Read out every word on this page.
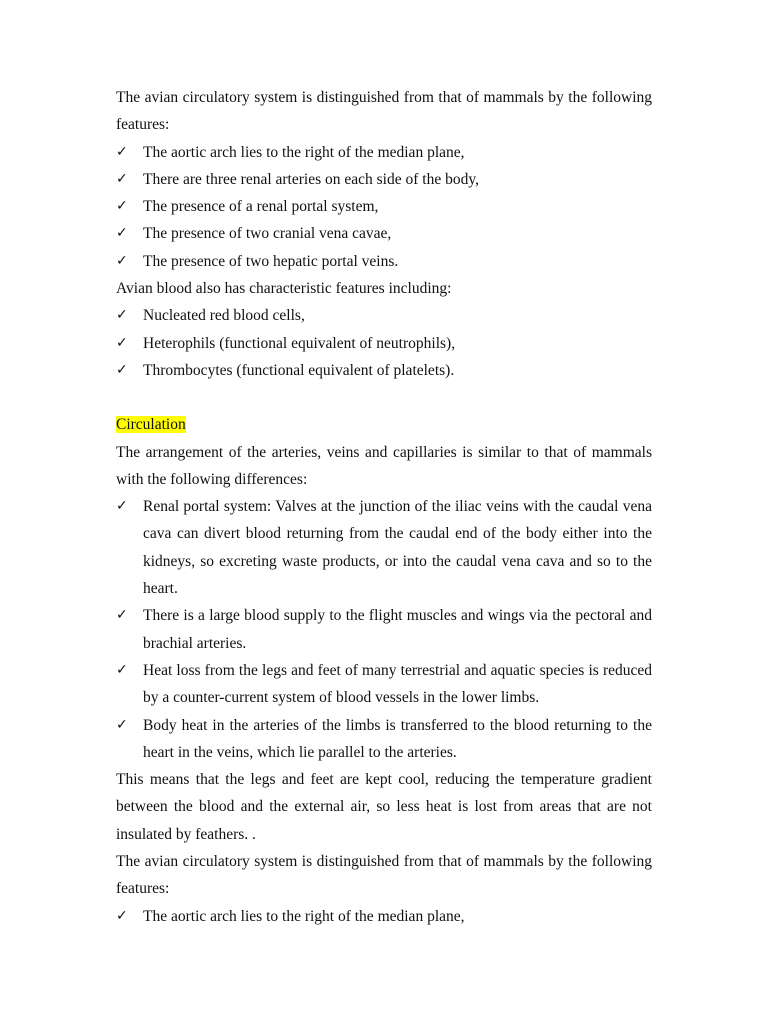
The avian circulatory system is distinguished from that of mammals by the following features:

✓ The aortic arch lies to the right of the median plane,
✓ There are three renal arteries on each side of the body,
✓ The presence of a renal portal system,
✓ The presence of two cranial vena cavae,
✓ The presence of two hepatic portal veins.

Avian blood also has characteristic features including:

✓ Nucleated red blood cells,
✓ Heterophils (functional equivalent of neutrophils),
✓ Thrombocytes (functional equivalent of platelets).

Circulation

The arrangement of the arteries, veins and capillaries is similar to that of mammals with the following differences:

✓ Renal portal system: Valves at the junction of the iliac veins with the caudal vena cava can divert blood returning from the caudal end of the body either into the kidneys, so excreting waste products, or into the caudal vena cava and so to the heart.
✓ There is a large blood supply to the flight muscles and wings via the pectoral and brachial arteries.
✓ Heat loss from the legs and feet of many terrestrial and aquatic species is reduced by a counter-current system of blood vessels in the lower limbs.
✓ Body heat in the arteries of the limbs is transferred to the blood returning to the heart in the veins, which lie parallel to the arteries.

This means that the legs and feet are kept cool, reducing the temperature gradient between the blood and the external air, so less heat is lost from areas that are not insulated by feathers. .

The avian circulatory system is distinguished from that of mammals by the following features:

✓ The aortic arch lies to the right of the median plane,
